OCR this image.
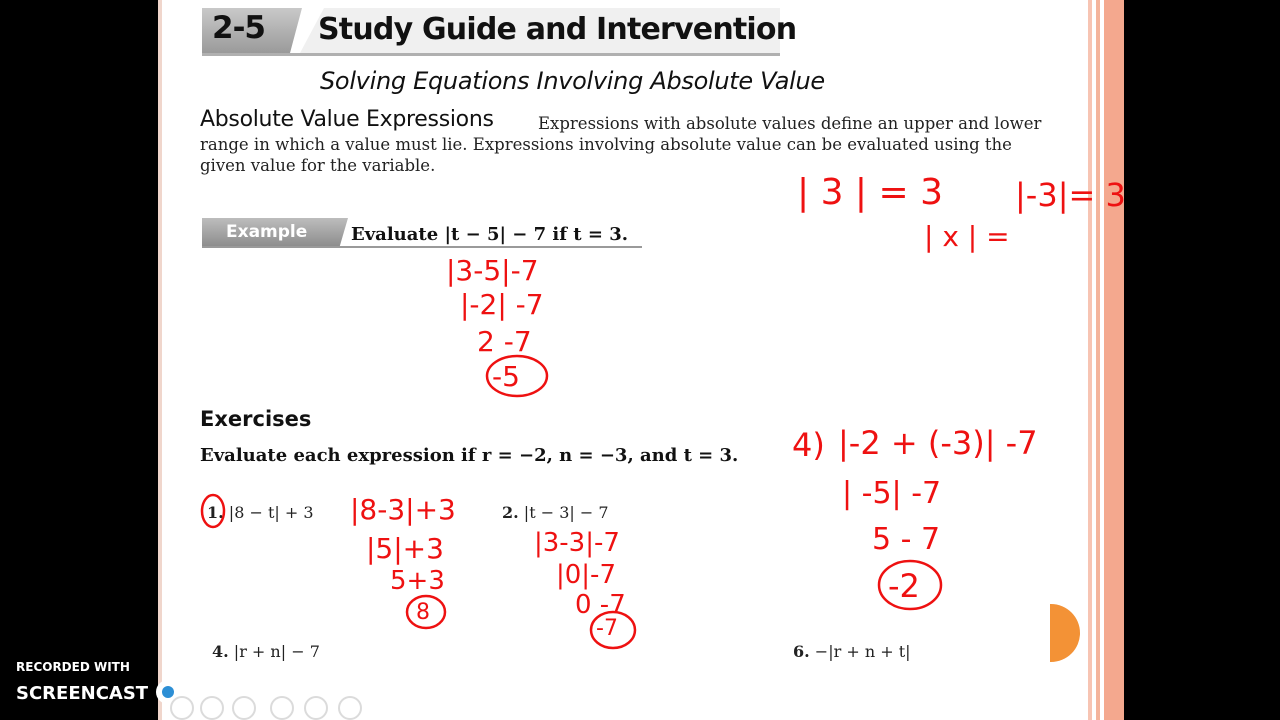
2-5 Study Guide and Intervention
Solving Equations Involving Absolute Value
Expressions with absolute values define an upper and lower range in which a value must lie. Expressions involving absolute value can be evaluated using the given value for the variable.
Absolute Value Expressions
Example Evaluate |t − 5| − 7 if t = 3.
Exercises
Evaluate each expression if r = −2, n = −3, and t = 3.
1. |8 − t| + 3	2. |t − 3| − 7
4. |r + n| − 7	6. −|r + n + t|
| 3 | = 3 |-3|= 3
| x | =
|3-5|-7
|-2| -7
2 -7
-5
|8-3|+3
|5|+3
5+3
8
|3-3|-7
|0|-7
0 -7
-7
4) |-2 + (-3)| -7
| -5| -7
5 - 7
-2
RECORDED WITH
SCREENCAST	MATIC
